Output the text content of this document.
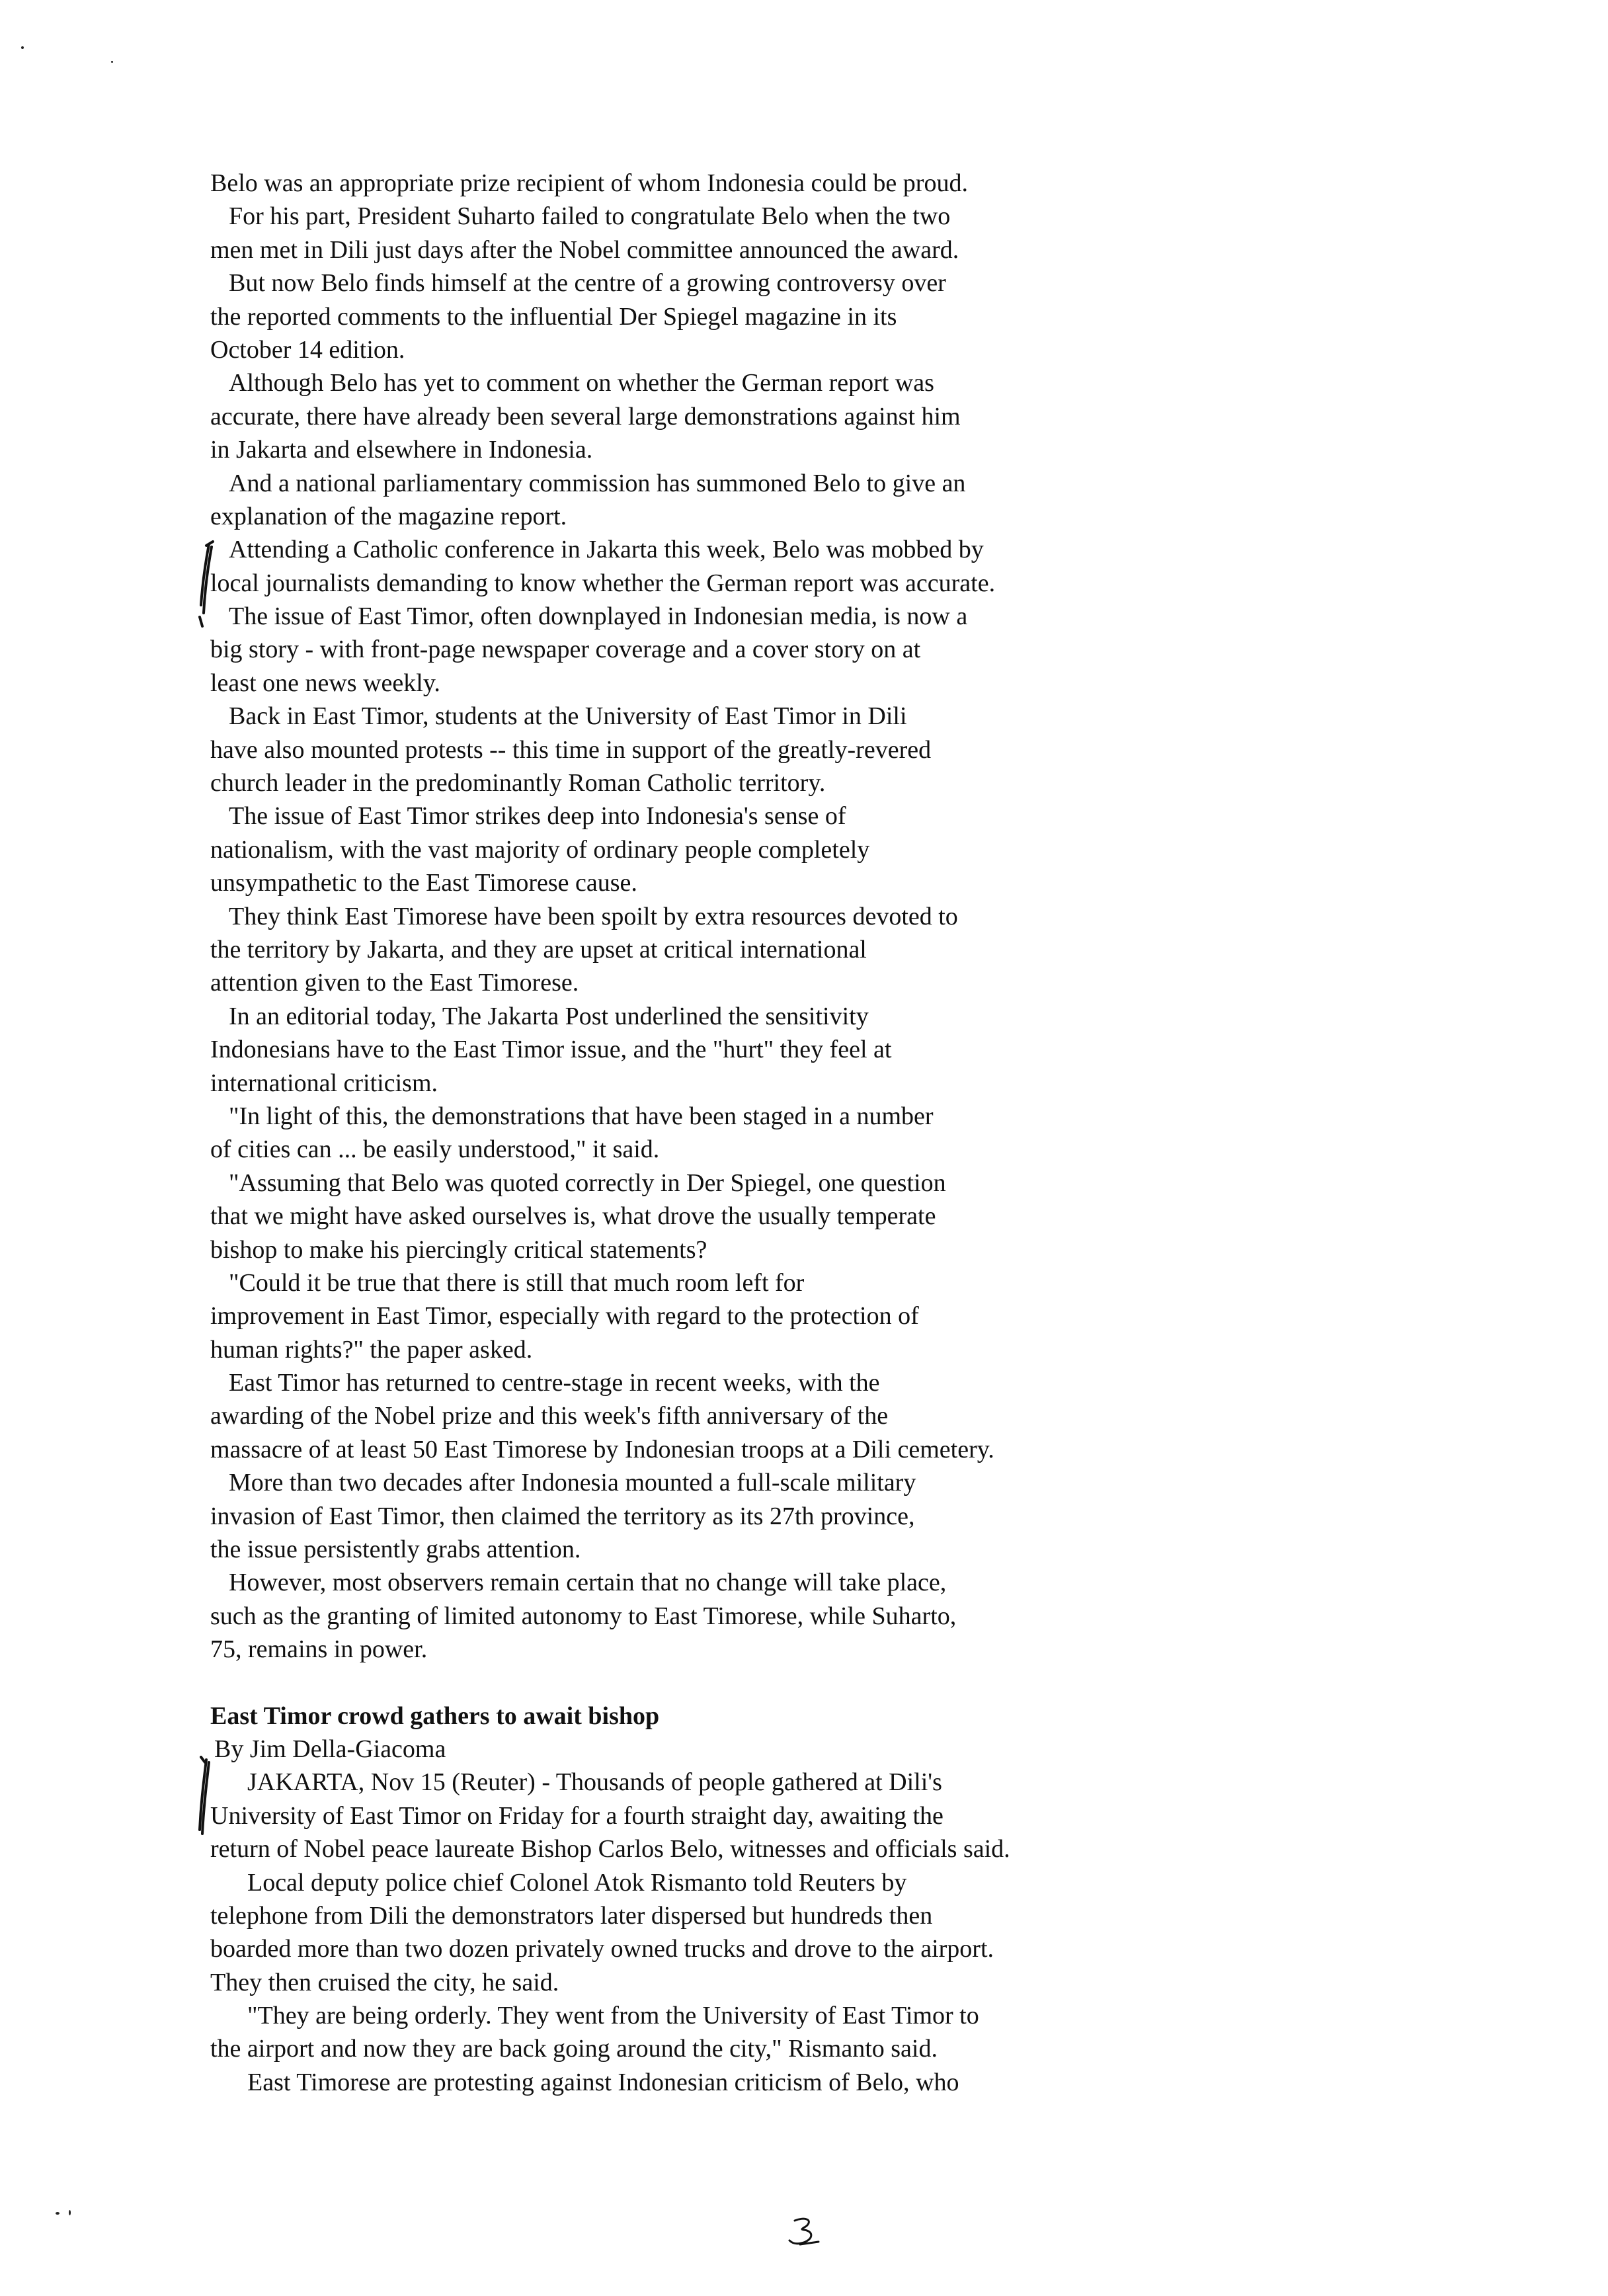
Belo was an appropriate prize recipient of whom Indonesia could be proud.
For his part, President Suharto failed to congratulate Belo when the two
men met in Dili just days after the Nobel committee announced the award.
But now Belo finds himself at the centre of a growing controversy over
the reported comments to the influential Der Spiegel magazine in its
October 14 edition.
Although Belo has yet to comment on whether the German report was
accurate, there have already been several large demonstrations against him
in Jakarta and elsewhere in Indonesia.
And a national parliamentary commission has summoned Belo to give an
explanation of the magazine report.
Attending a Catholic conference in Jakarta this week, Belo was mobbed by
local journalists demanding to know whether the German report was accurate.
The issue of East Timor, often downplayed in Indonesian media, is now a
big story - with front-page newspaper coverage and a cover story on at
least one news weekly.
Back in East Timor, students at the University of East Timor in Dili
have also mounted protests -- this time in support of the greatly-revered
church leader in the predominantly Roman Catholic territory.
The issue of East Timor strikes deep into Indonesia's sense of
nationalism, with the vast majority of ordinary people completely
unsympathetic to the East Timorese cause.
They think East Timorese have been spoilt by extra resources devoted to
the territory by Jakarta, and they are upset at critical international
attention given to the East Timorese.
In an editorial today, The Jakarta Post underlined the sensitivity
Indonesians have to the East Timor issue, and the "hurt" they feel at
international criticism.
"In light of this, the demonstrations that have been staged in a number
of cities can ... be easily understood," it said.
"Assuming that Belo was quoted correctly in Der Spiegel, one question
that we might have asked ourselves is, what drove the usually temperate
bishop to make his piercingly critical statements?
"Could it be true that there is still that much room left for
improvement in East Timor, especially with regard to the protection of
human rights?" the paper asked.
East Timor has returned to centre-stage in recent weeks, with the
awarding of the Nobel prize and this week's fifth anniversary of the
massacre of at least 50 East Timorese by Indonesian troops at a Dili cemetery.
More than two decades after Indonesia mounted a full-scale military
invasion of East Timor, then claimed the territory as its 27th province,
the issue persistently grabs attention.
However, most observers remain certain that no change will take place,
such as the granting of limited autonomy to East Timorese, while Suharto,
75, remains in power.
East Timor crowd gathers to await bishop
By Jim Della-Giacoma
JAKARTA, Nov 15 (Reuter) - Thousands of people gathered at Dili's
University of East Timor on Friday for a fourth straight day, awaiting the
return of Nobel peace laureate Bishop Carlos Belo, witnesses and officials said.
Local deputy police chief Colonel Atok Rismanto told Reuters by
telephone from Dili the demonstrators later dispersed but hundreds then
boarded more than two dozen privately owned trucks and drove to the airport.
They then cruised the city, he said.
"They are being orderly. They went from the University of East Timor to
the airport and now they are back going around the city," Rismanto said.
East Timorese are protesting against Indonesian criticism of Belo, who
